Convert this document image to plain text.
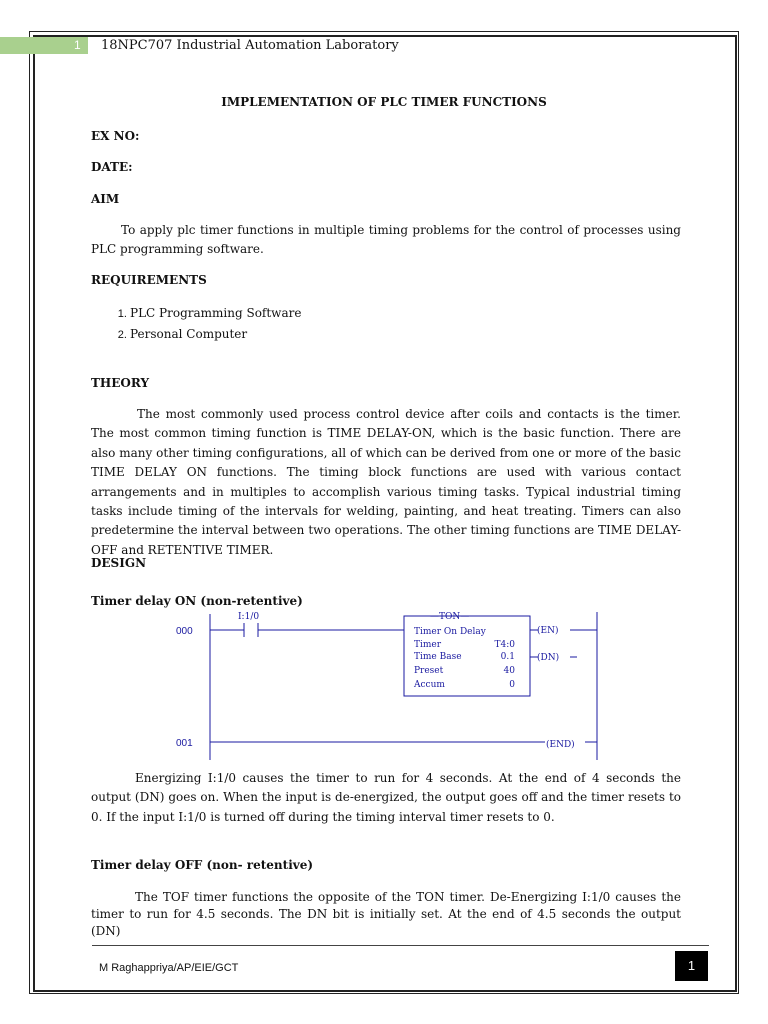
1 18NPC707 Industrial Automation Laboratory
IMPLEMENTATION OF PLC TIMER FUNCTIONS
EX NO:
DATE:
AIM
To apply plc timer functions in multiple timing problems for the control of processes using PLC programming software.
REQUIREMENTS
1. PLC Programming Software
2. Personal Computer
THEORY
The most commonly used process control device after coils and contacts is the timer. The most common timing function is TIME DELAY-ON, which is the basic function. There are also many other timing configurations, all of which can be derived from one or more of the basic TIME DELAY ON functions. The timing block functions are used with various contact arrangements and in multiples to accomplish various timing tasks. Typical industrial timing tasks include timing of the intervals for welding, painting, and heat treating. Timers can also predetermine the interval between two operations. The other timing functions are TIME DELAY-OFF and RETENTIVE TIMER.
DESIGN
Timer delay ON (non-retentive)
000
001
I:1/0	—TON—
Timer On Delay
Timer	T4:0
Time Base	0.1
Preset	40
Accum	0
(EN)
(DN)
(END)
Energizing I:1/0 causes the timer to run for 4 seconds. At the end of 4 seconds the output (DN) goes on. When the input is de-energized, the output goes off and the timer resets to 0. If the input I:1/0 is turned off during the timing interval timer resets to 0.
Timer delay OFF (non- retentive)
The TOF timer functions the opposite of the TON timer. De-Energizing I:1/0 causes the timer to run for 4.5 seconds. The DN bit is initially set. At the end of 4.5 seconds the output (DN)
M Raghappriya/AP/EIE/GCT	1
